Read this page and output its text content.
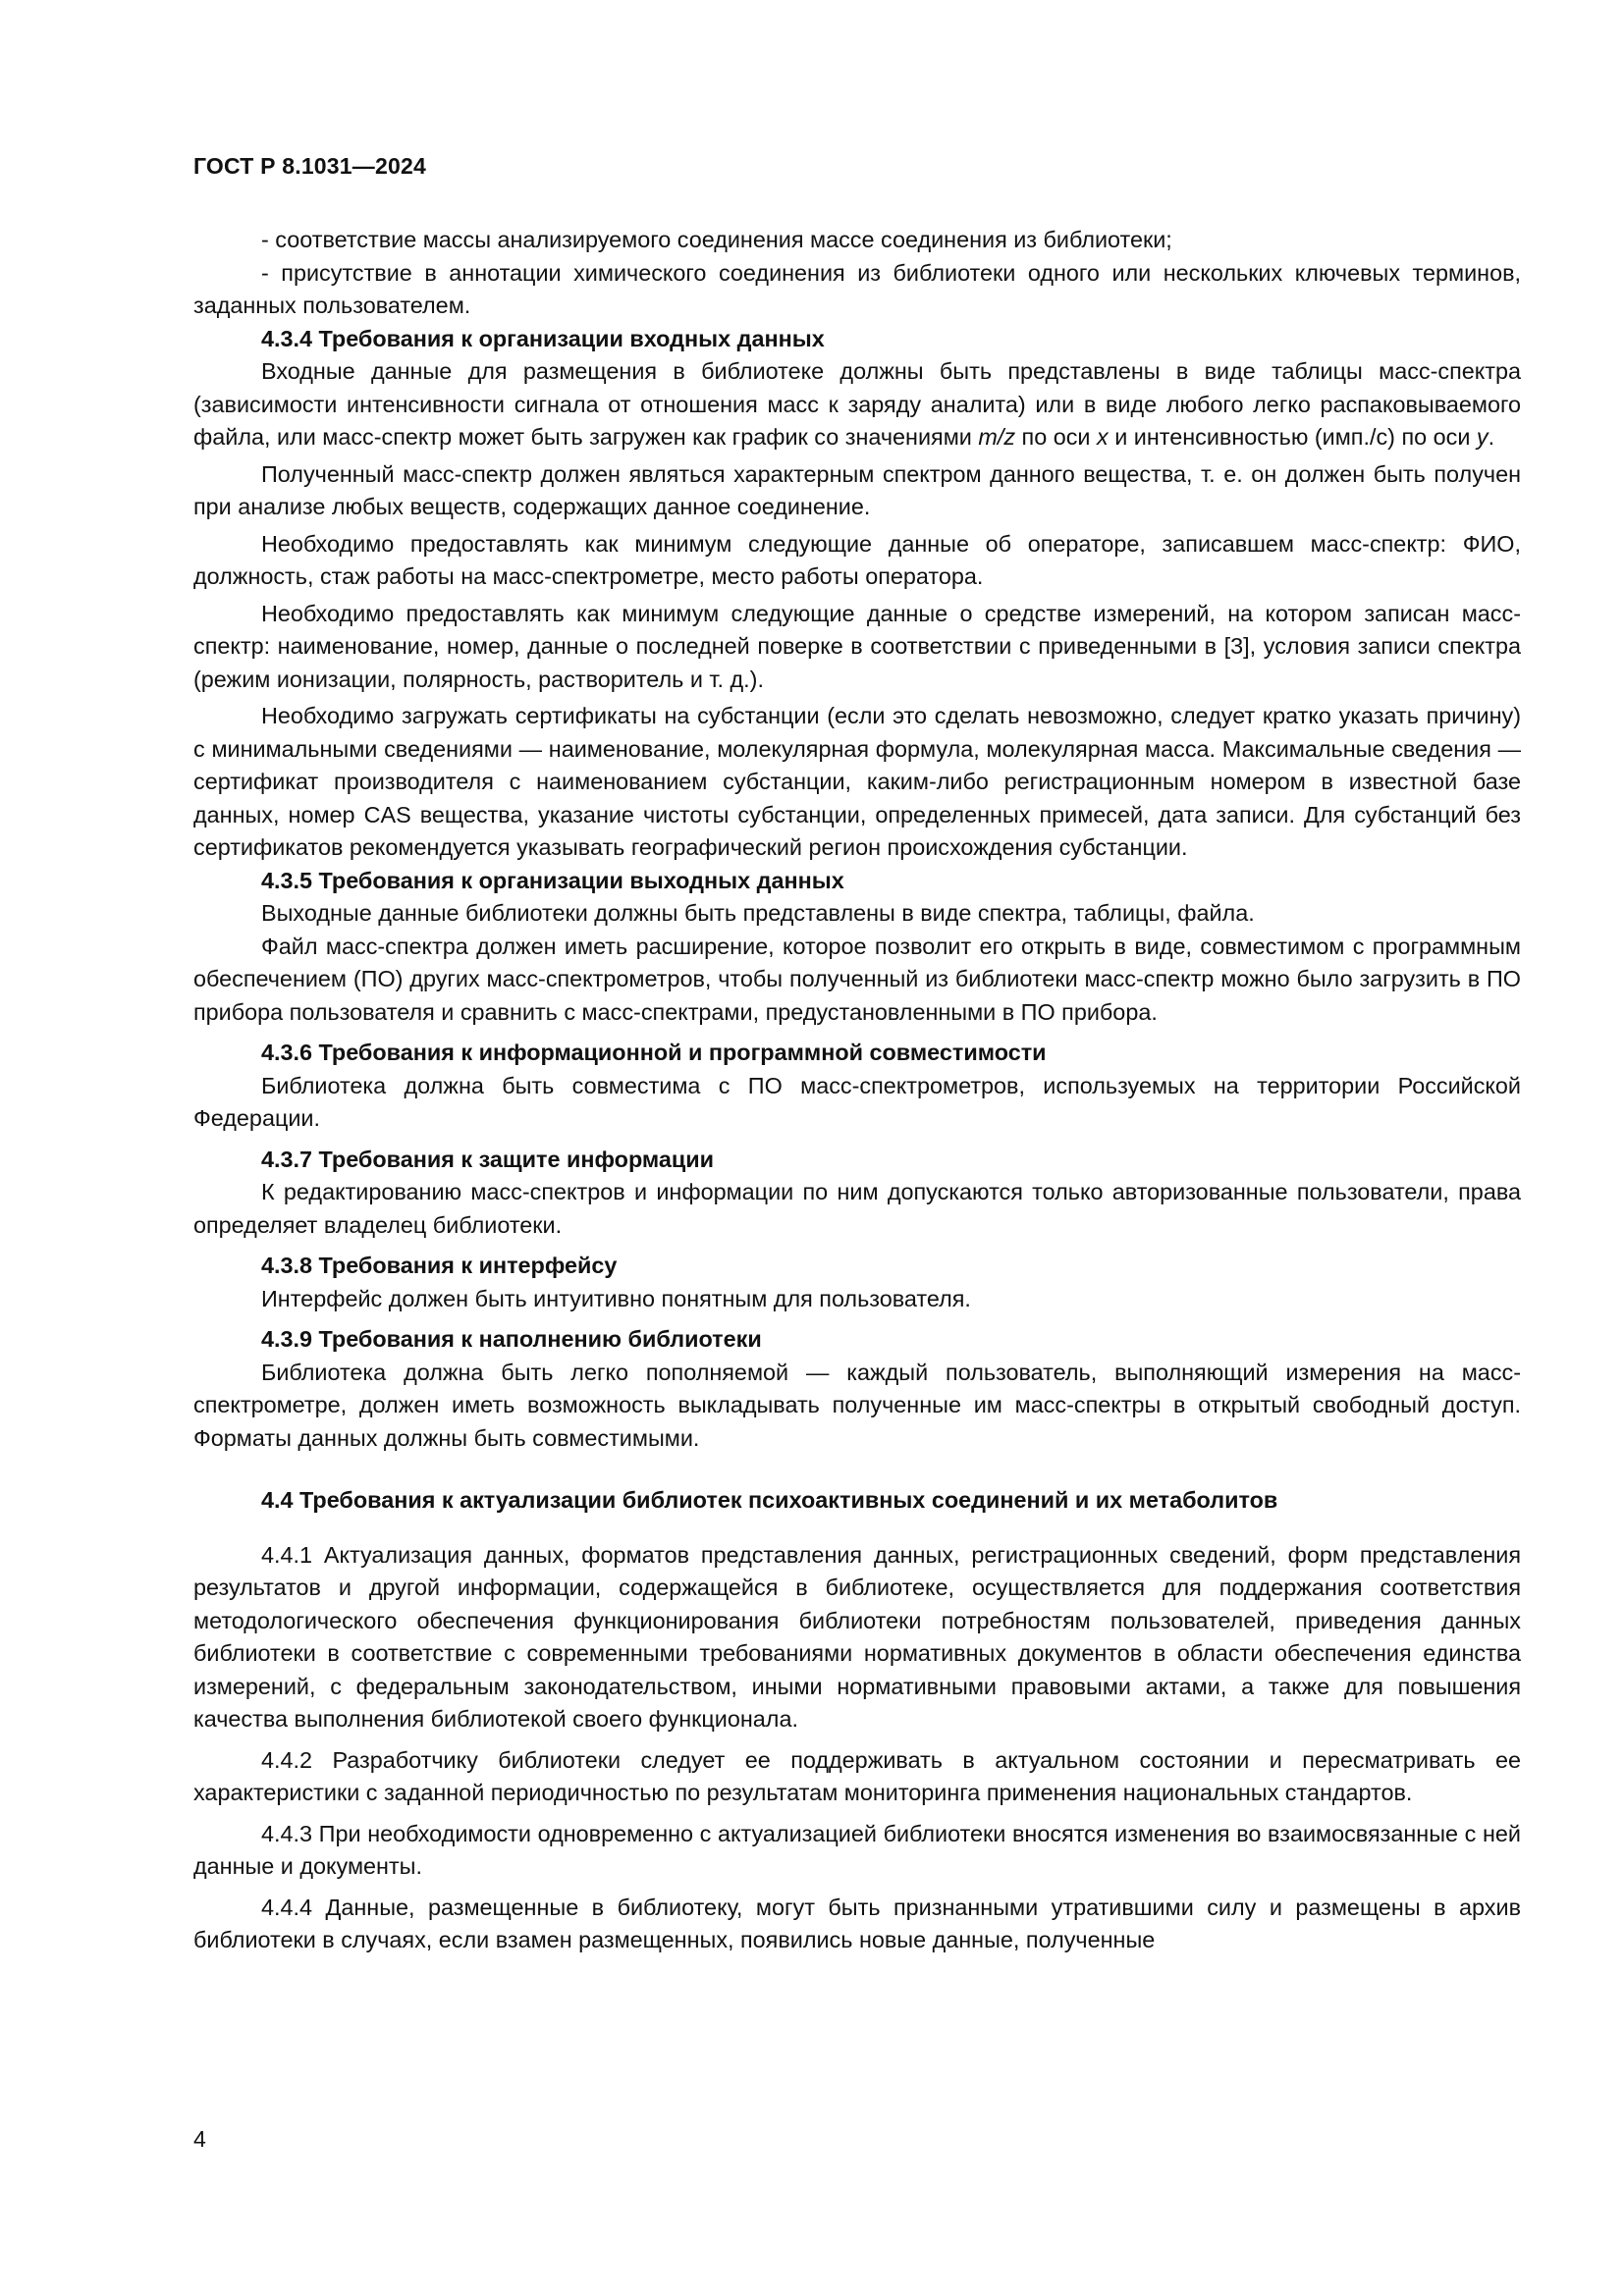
ГОСТ Р 8.1031—2024

- соответствие массы анализируемого соединения массе соединения из библиотеки;

- присутствие в аннотации химического соединения из библиотеки одного или нескольких ключевых терминов, заданных пользователем.

4.3.4 Требования к организации входных данных

Входные данные для размещения в библиотеке должны быть представлены в виде таблицы масс-спектра (зависимости интенсивности сигнала от отношения масс к заряду аналита) или в виде любого легко распаковываемого файла, или масс-спектр может быть загружен как график со значениями m/z по оси x и интенсивностью (имп./с) по оси y.

Полученный масс-спектр должен являться характерным спектром данного вещества, т. е. он должен быть получен при анализе любых веществ, содержащих данное соединение.

Необходимо предоставлять как минимум следующие данные об операторе, записавшем масс-спектр: ФИО, должность, стаж работы на масс-спектрометре, место работы оператора.

Необходимо предоставлять как минимум следующие данные о средстве измерений, на котором записан масс-спектр: наименование, номер, данные о последней поверке в соответствии с приведенными в [3], условия записи спектра (режим ионизации, полярность, растворитель и т. д.).

Необходимо загружать сертификаты на субстанции (если это сделать невозможно, следует кратко указать причину) с минимальными сведениями — наименование, молекулярная формула, молекулярная масса. Максимальные сведения — сертификат производителя с наименованием субстанции, каким-либо регистрационным номером в известной базе данных, номер CAS вещества, указание чистоты субстанции, определенных примесей, дата записи. Для субстанций без сертификатов рекомендуется указывать географический регион происхождения субстанции.

4.3.5 Требования к организации выходных данных

Выходные данные библиотеки должны быть представлены в виде спектра, таблицы, файла.

Файл масс-спектра должен иметь расширение, которое позволит его открыть в виде, совместимом с программным обеспечением (ПО) других масс-спектрометров, чтобы полученный из библиотеки масс-спектр можно было загрузить в ПО прибора пользователя и сравнить с масс-спектрами, предустановленными в ПО прибора.

4.3.6 Требования к информационной и программной совместимости

Библиотека должна быть совместима с ПО масс-спектрометров, используемых на территории Российской Федерации.

4.3.7 Требования к защите информации

К редактированию масс-спектров и информации по ним допускаются только авторизованные пользователи, права определяет владелец библиотеки.

4.3.8 Требования к интерфейсу

Интерфейс должен быть интуитивно понятным для пользователя.

4.3.9 Требования к наполнению библиотеки

Библиотека должна быть легко пополняемой — каждый пользователь, выполняющий измерения на масс-спектрометре, должен иметь возможность выкладывать полученные им масс-спектры в открытый свободный доступ. Форматы данных должны быть совместимыми.

4.4 Требования к актуализации библиотек психоактивных соединений и их метаболитов

4.4.1 Актуализация данных, форматов представления данных, регистрационных сведений, форм представления результатов и другой информации, содержащейся в библиотеке, осуществляется для поддержания соответствия методологического обеспечения функционирования библиотеки потребностям пользователей, приведения данных библиотеки в соответствие с современными требованиями нормативных документов в области обеспечения единства измерений, с федеральным законодательством, иными нормативными правовыми актами, а также для повышения качества выполнения библиотекой своего функционала.

4.4.2 Разработчику библиотеки следует ее поддерживать в актуальном состоянии и пересматривать ее характеристики с заданной периодичностью по результатам мониторинга применения национальных стандартов.

4.4.3 При необходимости одновременно с актуализацией библиотеки вносятся изменения во взаимосвязанные с ней данные и документы.

4.4.4 Данные, размещенные в библиотеку, могут быть признанными утратившими силу и размещены в архив библиотеки в случаях, если взамен размещенных, появились новые данные, полученные

4
